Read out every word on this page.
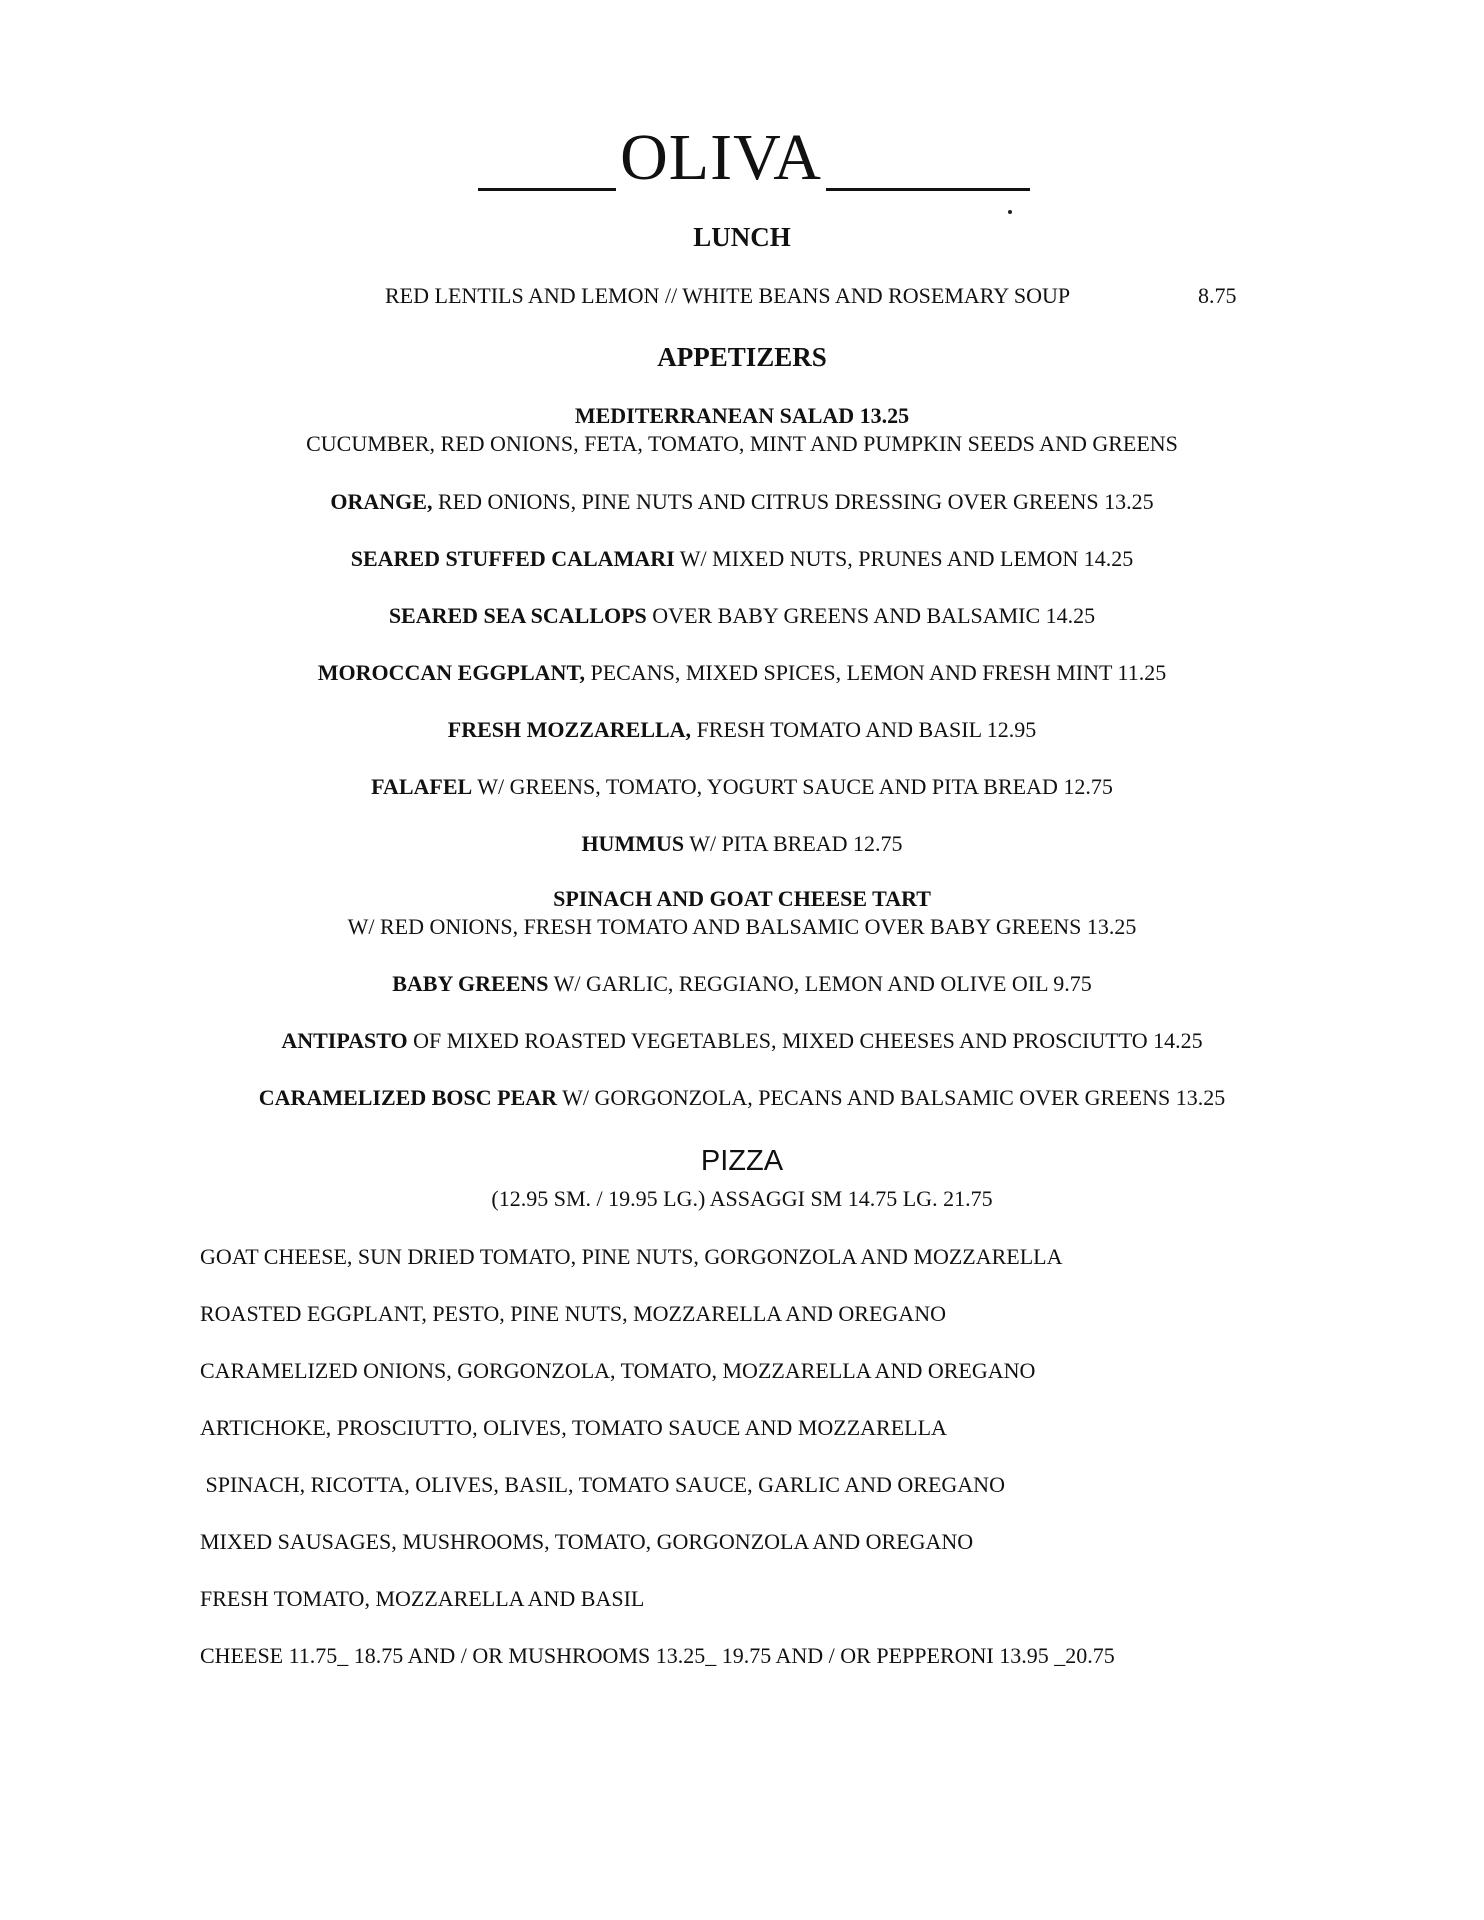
OLIVA
LUNCH
RED LENTILS AND LEMON // WHITE BEANS AND ROSEMARY SOUP	8.75
APPETIZERS
MEDITERRANEAN SALAD 13.25
CUCUMBER, RED ONIONS, FETA, TOMATO, MINT AND PUMPKIN SEEDS AND GREENS
ORANGE, RED ONIONS, PINE NUTS AND CITRUS DRESSING OVER GREENS 13.25
SEARED STUFFED CALAMARI W/ MIXED NUTS, PRUNES AND LEMON 14.25
SEARED SEA SCALLOPS OVER BABY GREENS AND BALSAMIC 14.25
MOROCCAN EGGPLANT, PECANS, MIXED SPICES, LEMON AND FRESH MINT 11.25
FRESH MOZZARELLA, FRESH TOMATO AND BASIL 12.95
FALAFEL W/ GREENS, TOMATO, YOGURT SAUCE AND PITA BREAD 12.75
HUMMUS W/ PITA BREAD 12.75
SPINACH AND GOAT CHEESE TART
W/ RED ONIONS, FRESH TOMATO AND BALSAMIC OVER BABY GREENS 13.25
BABY GREENS W/ GARLIC, REGGIANO, LEMON AND OLIVE OIL 9.75
ANTIPASTO OF MIXED ROASTED VEGETABLES, MIXED CHEESES AND PROSCIUTTO 14.25
CARAMELIZED BOSC PEAR W/ GORGONZOLA, PECANS AND BALSAMIC OVER GREENS 13.25
PIZZA
(12.95 SM. / 19.95 LG.) ASSAGGI SM 14.75 LG. 21.75
GOAT CHEESE, SUN DRIED TOMATO, PINE NUTS, GORGONZOLA AND MOZZARELLA
ROASTED EGGPLANT, PESTO, PINE NUTS, MOZZARELLA AND OREGANO
CARAMELIZED ONIONS, GORGONZOLA, TOMATO, MOZZARELLA AND OREGANO
ARTICHOKE, PROSCIUTTO, OLIVES, TOMATO SAUCE AND MOZZARELLA
SPINACH, RICOTTA, OLIVES, BASIL, TOMATO SAUCE, GARLIC AND OREGANO
MIXED SAUSAGES, MUSHROOMS, TOMATO, GORGONZOLA AND OREGANO
FRESH TOMATO, MOZZARELLA AND BASIL
CHEESE 11.75_ 18.75 AND / OR MUSHROOMS 13.25_ 19.75 AND / OR PEPPERONI 13.95 _20.75
